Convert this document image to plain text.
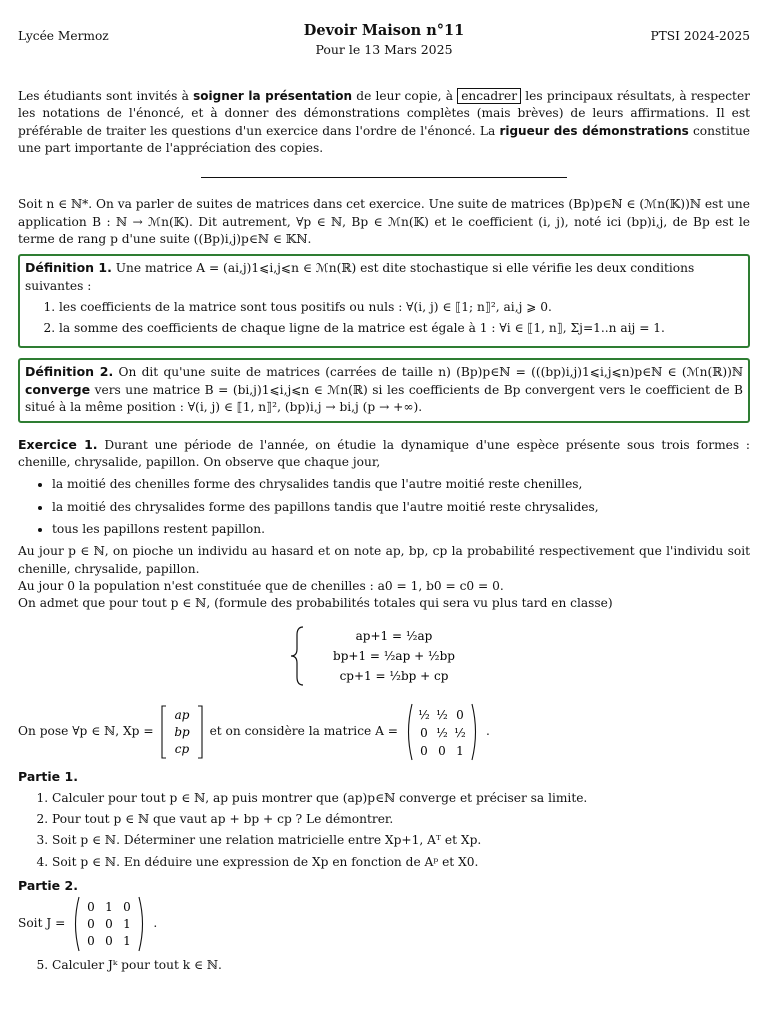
Lycée Mermoz	Devoir Maison n°11
Pour le 13 Mars 2025
PTSI 2024-2025

Les étudiants sont invités à soigner la présentation de leur copie, à encadrer les principaux résultats, à respecter les notations de l'énoncé, et à donner des démonstrations complètes (mais brèves) de leurs affirmations. Il est préférable de traiter les questions d'un exercice dans l'ordre de l'énoncé. La rigueur des démonstrations constitue une part importante de l'appréciation des copies.

Soit n ∈ ℕ*. On va parler de suites de matrices dans cet exercice. Une suite de matrices (Bp)p∈ℕ ∈ (ℳn(𝕂))ℕ est une application B : ℕ → ℳn(𝕂). Dit autrement, ∀p ∈ ℕ, Bp ∈ ℳn(𝕂) et le coefficient (i, j), noté ici (bp)i,j, de Bp est le terme de rang p d'une suite ((Bp)i,j)p∈ℕ ∈ 𝕂ℕ.

Définition 1. Une matrice A = (ai,j)1⩽i,j⩽n ∈ ℳn(ℝ) est dite stochastique si elle vérifie les deux conditions suivantes :
1. les coefficients de la matrice sont tous positifs ou nuls : ∀(i, j) ∈ ⟦1; n⟧², ai,j ⩾ 0.
2. la somme des coefficients de chaque ligne de la matrice est égale à 1 : ∀i ∈ ⟦1, n⟧, Σj=1..n aij = 1.

Définition 2. On dit qu'une suite de matrices (carrées de taille n) (Bp)p∈ℕ = (((bp)i,j)1⩽i,j⩽n)p∈ℕ ∈ (ℳn(ℝ))ℕ converge vers une matrice B = (bi,j)1⩽i,j⩽n ∈ ℳn(ℝ) si les coefficients de Bp convergent vers le coefficient de B situé à la même position : ∀(i, j) ∈ ⟦1, n⟧², (bp)i,j → bi,j (p → +∞).

Exercice 1. Durant une période de l'année, on étudie la dynamique d'une espèce présente sous trois formes : chenille, chrysalide, papillon. On observe que chaque jour,

• la moitié des chenilles forme des chrysalides tandis que l'autre moitié reste chenilles,
• la moitié des chrysalides forme des papillons tandis que l'autre moitié reste chrysalides,
• tous les papillons restent papillon.

Au jour p ∈ ℕ, on pioche un individu au hasard et on note ap, bp, cp la probabilité respectivement que l'individu soit chenille, chrysalide, papillon.

Au jour 0 la population n'est constituée que de chenilles : a0 = 1, b0 = c0 = 0.

On admet que pour tout p ∈ ℕ, (formule des probabilités totales qui sera vu plus tard en classe)

ap+1 = ½ap
bp+1 = ½ap + ½bp
cp+1 = ½bp + cp
On pose ∀p ∈ ℕ, Xp =
ap
bp
cp
et on considère la matrice A =
½ ½ 0
0 ½ ½
0 0 1
.
Partie 1.
1. Calculer pour tout p ∈ ℕ, ap puis montrer que (ap)p∈ℕ converge et préciser sa limite.
2. Pour tout p ∈ ℕ que vaut ap + bp + cp ? Le démontrer.
3. Soit p ∈ ℕ. Déterminer une relation matricielle entre Xp+1, Aᵀ et Xp.
4. Soit p ∈ ℕ. En déduire une expression de Xp en fonction de Aᵖ et X0.
Partie 2.
Soit J =
0 1 0
0 0 1
0 0 1
.
5. Calculer Jᵏ pour tout k ∈ ℕ.
